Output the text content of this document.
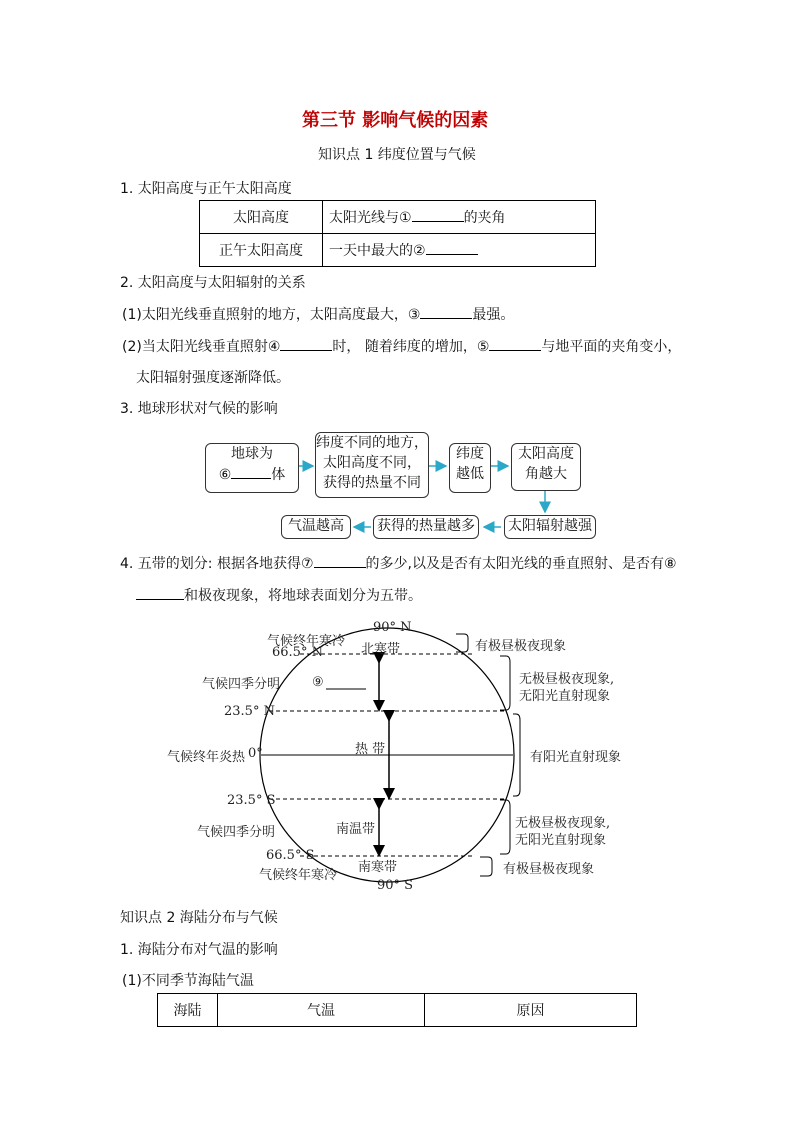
第三节 影响气候的因素
知识点 1 纬度位置与气候
1. 太阳高度与正午太阳高度
太阳高度	太阳光线与① 的夹角
正午太阳高度	一天中最大的②
2. 太阳高度与太阳辐射的关系
(1)太阳光线垂直照射的地方，太阳高度最大，③	最强。
(2)当太阳光线垂直照射④	时， 随着纬度的增加，⑤	与地平面的夹角变小，
太阳辐射强度逐渐降低。
3. 地球形状对气候的影响
地球为
⑥	体
纬度不同的地方，
太阳高度不同，
获得的热量不同
纬度
越低
太阳高度
角越大
太阳辐射越强
获得的热量越多
气温越高
4. 五带的划分: 根据各地获得⑦	的多少,以及是否有太阳光线的垂直照射、是否有⑧
和极夜现象，将地球表面划分为五带。
90° N
气候终年寒冷
66.5° N	北寒带
气候四季分明 ⑨
23.5° N
热 带
气候终年炎热 0°
23.5° S
气候四季分明	南温带
66.5° S
南寒带
气候终年寒冷
90° S
有极昼极夜现象
无极昼极夜现象,
无阳光直射现象
有阳光直射现象
无极昼极夜现象,
无阳光直射现象
有极昼极夜现象
知识点 2 海陆分布与气候
1. 海陆分布对气温的影响
(1)不同季节海陆气温
海陆	气温	原因
